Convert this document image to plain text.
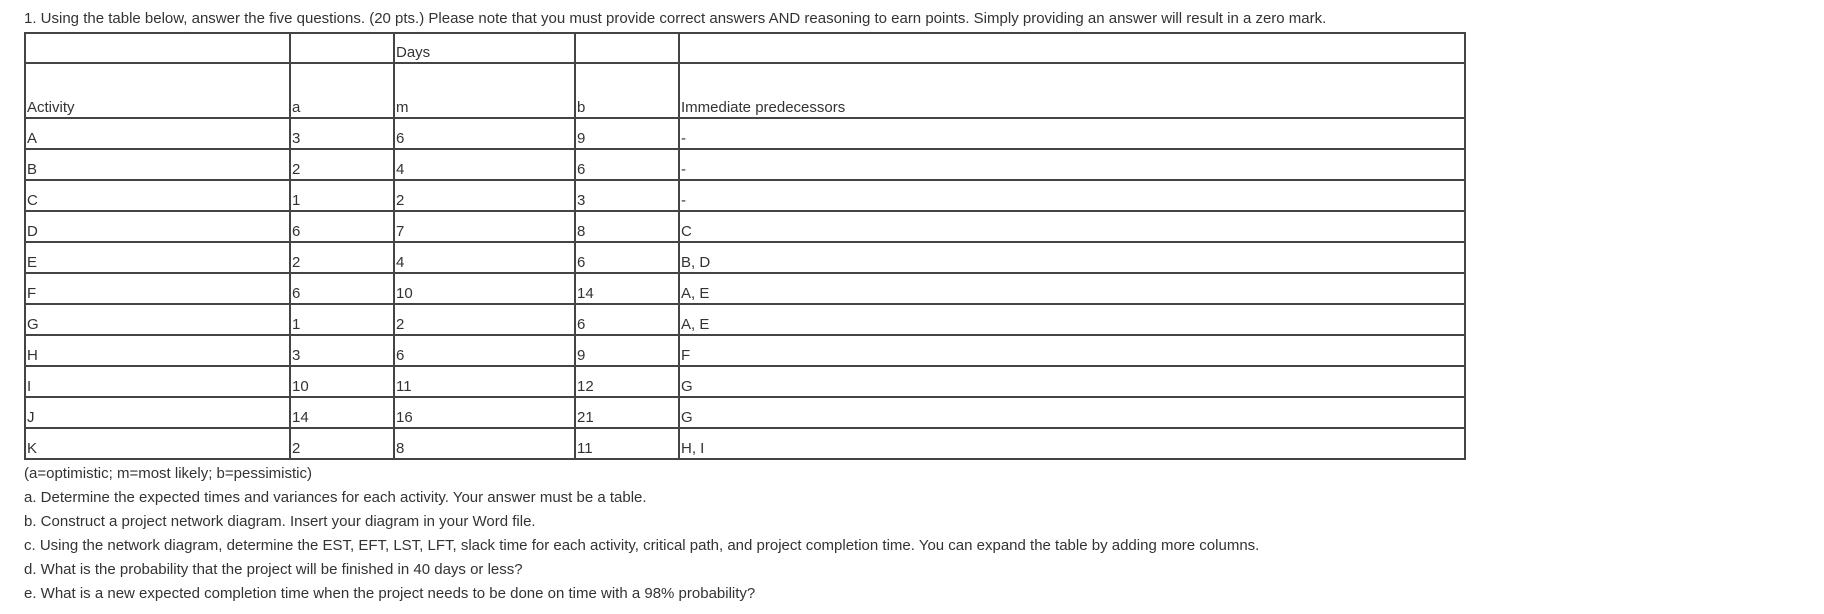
1. Using the table below, answer the five questions. (20 pts.) Please note that you must provide correct answers AND reasoning to earn points. Simply providing an answer will result in a zero mark.
		Days		
Activity	a	m	b	Immediate predecessors
A	3	6	9	-
B	2	4	6	-
C	1	2	3	-
D	6	7	8	C
E	2	4	6	B, D
F	6	10	14	A, E
G	1	2	6	A, E
H	3	6	9	F
I	10	11	12	G
J	14	16	21	G
K	2	8	11	H, I
(a=optimistic; m=most likely; b=pessimistic)
a. Determine the expected times and variances for each activity. Your answer must be a table.
b. Construct a project network diagram. Insert your diagram in your Word file.
c. Using the network diagram, determine the EST, EFT, LST, LFT, slack time for each activity, critical path, and project completion time. You can expand the table by adding more columns.
d. What is the probability that the project will be finished in 40 days or less?
e. What is a new expected completion time when the project needs to be done on time with a 98% probability?
